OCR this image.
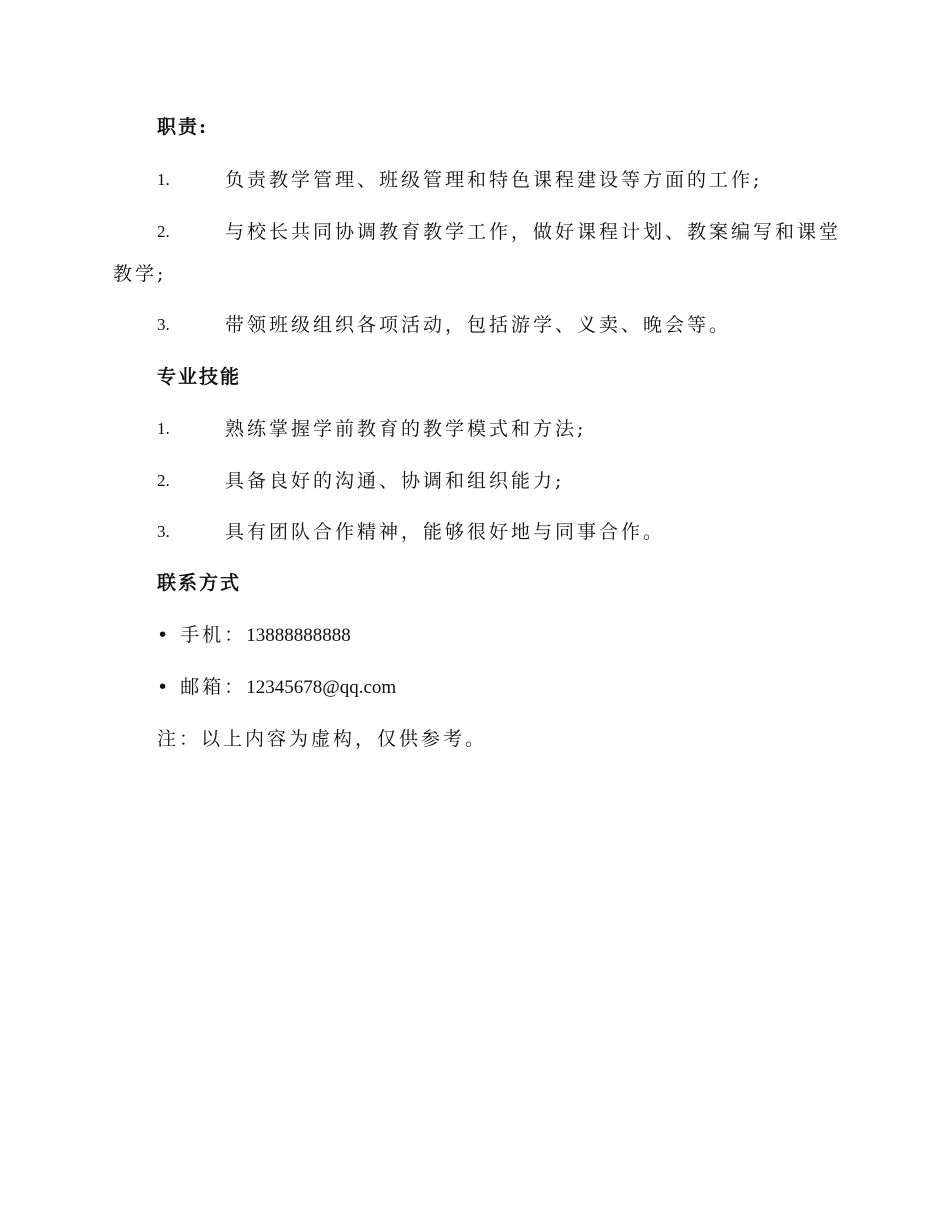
职责:
1.	负责教学管理、班级管理和特色课程建设等方面的工作;
2.	与校长共同协调教育教学工作，做好课程计划、教案编写和课堂
教学;
3.	带领班级组织各项活动，包括游学、义卖、晚会等。
专业技能
1.	熟练掌握学前教育的教学模式和方法;
2.	具备良好的沟通、协调和组织能力;
3.	具有团队合作精神，能够很好地与同事合作。
联系方式
• 手机：13888888888
• 邮箱：12345678@qq.com
注：以上内容为虚构，仅供参考。
